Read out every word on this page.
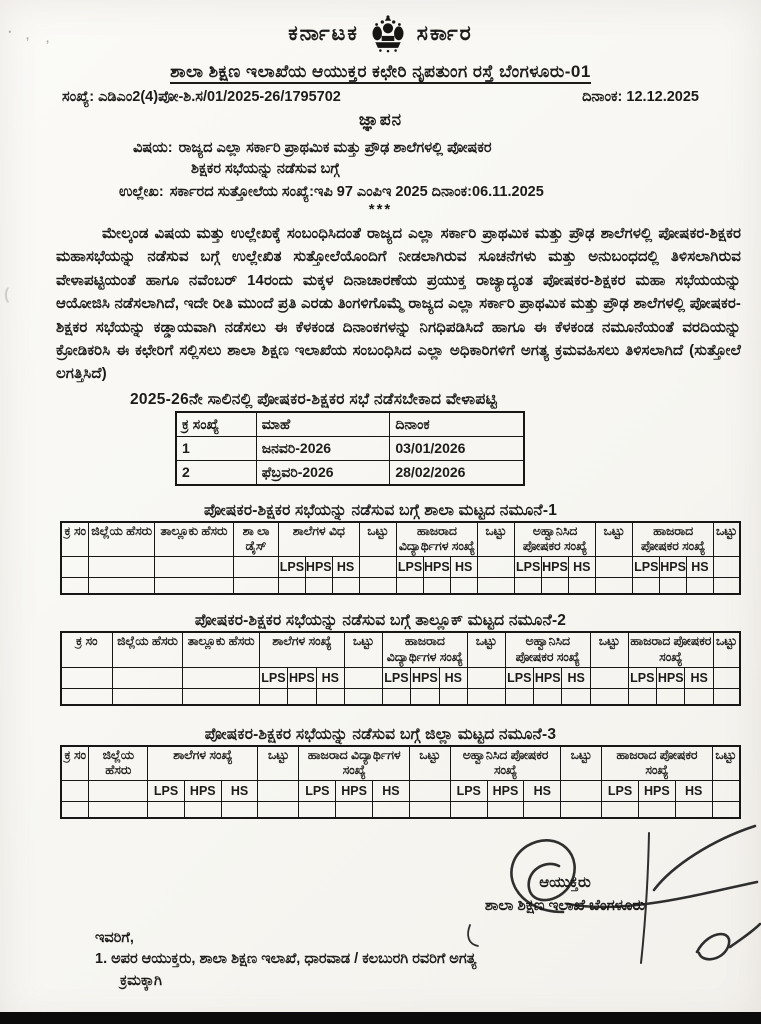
· , ,
(
ಕರ್ನಾಟಕ	ಸರ್ಕಾರ
ಶಾಲಾ ಶಿಕ್ಷಣ ಇಲಾಖೆಯ ಆಯುಕ್ತರ ಕಛೇರಿ ನೃಪತುಂಗ ರಸ್ತೆ ಬೆಂಗಳೂರು-01
ಸಂಖ್ಯೆ: ಎಡಿಎಂ2(4)ಪೋ-ಶಿ.ಸ/01/2025-26/1795702	ದಿನಾಂಕ: 12.12.2025
ಜ್ಞಾಪನ
ವಿಷಯ: ರಾಜ್ಯದ ಎಲ್ಲಾ ಸರ್ಕಾರಿ ಪ್ರಾಥಮಿಕ ಮತ್ತು ಪ್ರೌಢ ಶಾಲೆಗಳಲ್ಲಿ ಪೋಷಕರ
ಶಿಕ್ಷಕರ ಸಭೆಯನ್ನು ನಡೆಸುವ ಬಗ್ಗೆ
ಉಲ್ಲೇಖ: ಸರ್ಕಾರದ ಸುತ್ತೋಲೆಯ ಸಂಖ್ಯೆ:ಇಪಿ 97 ಎಂಪಿಇ 2025 ದಿನಾಂಕ:06.11.2025
***

ಮೇಲ್ಕಂಡ ವಿಷಯ ಮತ್ತು ಉಲ್ಲೇಖಕ್ಕೆ ಸಂಬಂಧಿಸಿದಂತೆ ರಾಜ್ಯದ ಎಲ್ಲಾ ಸರ್ಕಾರಿ ಪ್ರಾಥಮಿಕ ಮತ್ತು ಪ್ರೌಢ ಶಾಲೆಗಳಲ್ಲಿ ಪೋಷಕರ-ಶಿಕ್ಷಕರ ಮಹಾಸಭೆಯನ್ನು ನಡೆಸುವ ಬಗ್ಗೆ ಉಲ್ಲೇಖಿತ ಸುತ್ತೋಲೆಯೊಂದಿಗೆ ನೀಡಲಾಗಿರುವ ಸೂಚನೆಗಳು ಮತ್ತು ಅನುಬಂಧದಲ್ಲಿ ತಿಳಿಸಲಾಗಿರುವ ವೇಳಾಪಟ್ಟಿಯಂತೆ ಹಾಗೂ ನವೆಂಬರ್ 14ರಂದು ಮಕ್ಕಳ ದಿನಾಚಾರಣೆಯ ಪ್ರಯುಕ್ತ ರಾಜ್ಯಾದ್ಯಂತ ಪೋಷಕರ-ಶಿಕ್ಷಕರ ಮಹಾ ಸಭೆಯಯನ್ನು ಆಯೋಜಿಸಿ ನಡೆಸಲಾಗಿದೆ, ಇದೇ ರೀತಿ ಮುಂದೆ ಪ್ರತಿ ಎರಡು ತಿಂಗಳಿಗೊಮ್ಮೆ ರಾಜ್ಯದ ಎಲ್ಲಾ ಸರ್ಕಾರಿ ಪ್ರಾಥಮಿಕ ಮತ್ತು ಪ್ರೌಢ ಶಾಲೆಗಳಲ್ಲಿ ಪೋಷಕರ-ಶಿಕ್ಷಕರ ಸಭೆಯನ್ನು ಕಡ್ಡಾಯವಾಗಿ ನಡೆಸಲು ಈ ಕೆಳಕಂಡ ದಿನಾಂಕಗಳನ್ನು ನಿಗಧಿಪಡಿಸಿದೆ ಹಾಗೂ ಈ ಕೆಳಕಂಡ ನಮೂನೆಯಂತೆ ವರದಿಯನ್ನು ಕ್ರೋಡಿಕರಿಸಿ ಈ ಕಛೇರಿಗೆ ಸಲ್ಲಿಸಲು ಶಾಲಾ ಶಿಕ್ಷಣ ಇಲಾಖೆಯ ಸಂಬಂಧಿಸಿದ ಎಲ್ಲಾ ಅಧಿಕಾರಿಗಳಿಗೆ ಅಗತ್ಯ ಕ್ರಮವಹಿಸಲು ತಿಳಿಸಲಾಗಿದೆ (ಸುತ್ತೋಲೆ ಲಗತ್ತಿಸಿದೆ)

2025-26ನೇ ಸಾಲಿನಲ್ಲಿ ಪೋಷಕರ-ಶಿಕ್ಷಕರ ಸಭೆ ನಡೆಸಬೇಕಾದ ವೇಳಾಪಟ್ಟಿ
ಕ್ರ ಸಂಖ್ಯೆ	ಮಾಹೆ	ದಿನಾಂಕ
1	ಜನವರಿ-2026	03/01/2026
2	ಫೆಬ್ರವರಿ-2026	28/02/2026
ಪೋಷಕರ-ಶಿಕ್ಷಕರ ಸಭೆಯನ್ನು ನಡೆಸುವ ಬಗ್ಗೆ ಶಾಲಾ ಮಟ್ಟದ ನಮೂನೆ-1
ಕ್ರ ಸಂ	ಜಿಲ್ಲೆಯ ಹೆಸರು	ತಾಲ್ಲೂಕು ಹೆಸರು	ಶಾ ಲಾ ಡೈಸ್	ಶಾಲೆಗಳ ವಿಧ			ಒಟ್ಟು	ಹಾಜರಾದ ವಿದ್ಯಾರ್ಥಿಗಳ ಸಂಖ್ಯೆ			ಒಟ್ಟು	ಅಹ್ವಾನಿಸಿದ ಪೋಷಕರ ಸಂಖ್ಯೆ			ಒಟ್ಟು	ಹಾಜರಾದ ಪೋಷಕರ ಸಂಖ್ಯೆ			ಒಟ್ಟು
				LPS	HPS	HS		LPS	HPS	HS		LPS	HPS	HS		LPS	HPS	HS	

ಪೋಷಕರ-ಶಿಕ್ಷಕರ ಸಭೆಯನ್ನು ನಡೆಸುವ ಬಗ್ಗೆ ತಾಲ್ಲೂಕ್ ಮಟ್ಟದ ನಮೂನೆ-2
ಕ್ರ ಸಂ	ಜಿಲ್ಲೆಯ ಹೆಸರು	ತಾಲ್ಲೂಕು ಹೆಸರು	ಶಾಲೆಗಳ ಸಂಖ್ಯೆ			ಒಟ್ಟು	ಹಾಜರಾದ ವಿದ್ಯಾರ್ಥಿಗಳ ಸಂಖ್ಯೆ			ಒಟ್ಟು	ಅಹ್ವಾನಿಸಿದ ಪೋಷಕರ ಸಂಖ್ಯೆ			ಒಟ್ಟು	ಹಾಜರಾದ ಪೋಷಕರ ಸಂಖ್ಯೆ			ಒಟ್ಟು
			LPS	HPS	HS		LPS	HPS	HS		LPS	HPS	HS		LPS	HPS	HS	

ಪೋಷಕರ-ಶಿಕ್ಷಕರ ಸಭೆಯನ್ನು ನಡೆಸುವ ಬಗ್ಗೆ ಜಿಲ್ಲಾ ಮಟ್ಟದ ನಮೂನೆ-3
ಕ್ರ ಸಂ	ಜಿಲ್ಲೆಯ ಹೆಸರು	ಶಾಲೆಗಳ ಸಂಖ್ಯೆ			ಒಟ್ಟು	ಹಾಜರಾದ ವಿದ್ಯಾರ್ಥಿಗಳ ಸಂಖ್ಯೆ			ಒಟ್ಟು	ಅಹ್ವಾನಿಸಿದ ಪೋಷಕರ ಸಂಖ್ಯೆ			ಒಟ್ಟು	ಹಾಜರಾದ ಪೋಷಕರ ಸಂಖ್ಯೆ			ಒಟ್ಟು
		LPS	HPS	HS		LPS	HPS	HS		LPS	HPS	HS		LPS	HPS	HS	

ಆಯುಕ್ತರು
ಶಾಲಾ ಶಿಕ್ಷಣ ಇಲಾಖೆ ಬೆಂಗಳೂರು
ಇವರಿಗೆ,
1. ಅಪರ ಆಯುಕ್ತರು, ಶಾಲಾ ಶಿಕ್ಷಣ ಇಲಾಖೆ, ಧಾರವಾಡ / ಕಲಬುರಗಿ ರವರಿಗೆ ಅಗತ್ಯ
ಕ್ರಮಕ್ಕಾಗಿ
